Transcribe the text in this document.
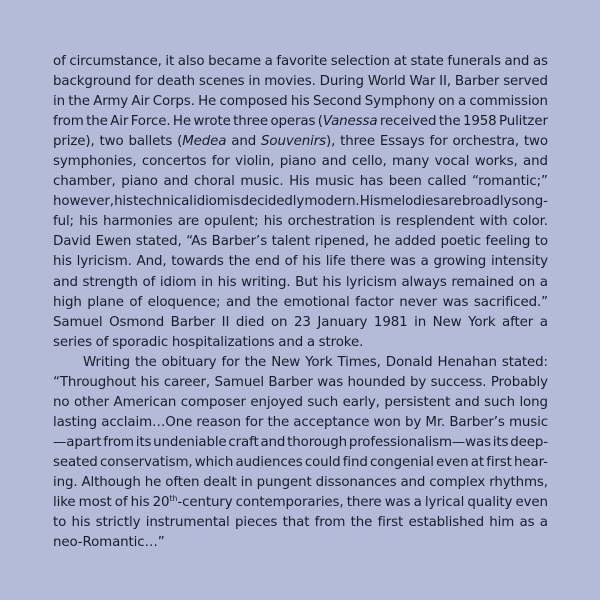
of circumstance, it also became a favorite selection at state funerals and as
background for death scenes in movies. During World War II, Barber served
in the Army Air Corps. He composed his Second Symphony on a commission
from the Air Force. He wrote three operas (Vanessa received the 1958 Pulitzer
prize), two ballets (Medea and Souvenirs), three Essays for orchestra, two
symphonies, concertos for violin, piano and cello, many vocal works, and
chamber, piano and choral music. His music has been called “romantic;”
however, his technical idiom is decidedly modern. His melodies are broadly song-
ful; his harmonies are opulent; his orchestration is resplendent with color.
David Ewen stated, “As Barber’s talent ripened, he added poetic feeling to
his lyricism. And, towards the end of his life there was a growing intensity
and strength of idiom in his writing. But his lyricism always remained on a
high plane of eloquence; and the emotional factor never was sacrificed.”
Samuel Osmond Barber II died on 23 January 1981 in New York after a
series of sporadic hospitalizations and a stroke.
Writing the obituary for the New York Times, Donald Henahan stated:
“Throughout his career, Samuel Barber was hounded by success. Probably
no other American composer enjoyed such early, persistent and such long
lasting acclaim…One reason for the acceptance won by Mr. Barber’s music
—apart from its undeniable craft and thorough professionalism—was its deep-
seated conservatism, which audiences could find congenial even at first hear-
ing. Although he often dealt in pungent dissonances and complex rhythms,
like most of his 20th-century contemporaries, there was a lyrical quality even
to his strictly instrumental pieces that from the first established him as a
neo-Romantic…”
